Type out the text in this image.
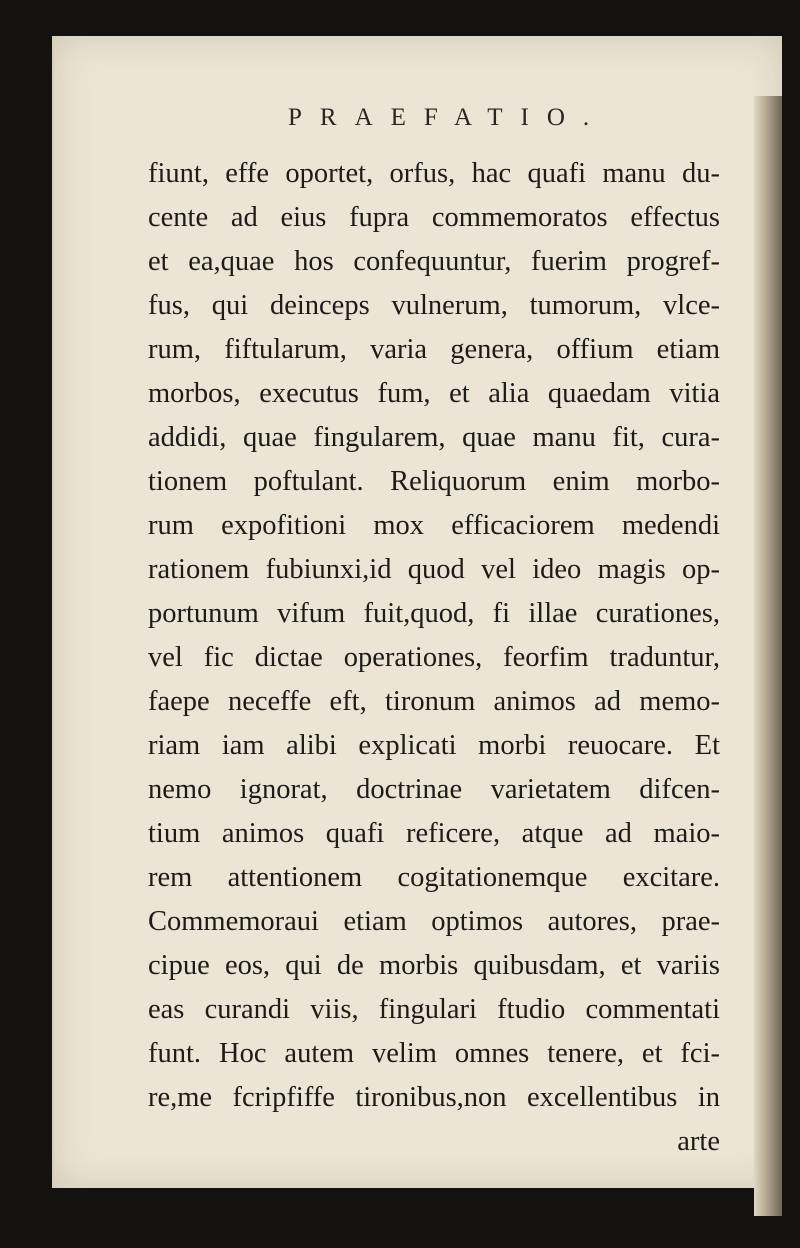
PRAEFATIO.
fiunt, effe oportet, orfus, hac quafi manu du-
cente ad eius fupra commemoratos effectus
et ea,quae hos confequuntur, fuerim progref-
fus, qui deinceps vulnerum, tumorum, vlce-
rum, fiftularum, varia genera, offium etiam
morbos, executus fum, et alia quaedam vitia
addidi, quae fingularem, quae manu fit, cura-
tionem poftulant. Reliquorum enim morbo-
rum expofitioni mox efficaciorem medendi
rationem fubiunxi,id quod vel ideo magis op-
portunum vifum fuit,quod, fi illae curationes,
vel fic dictae operationes, feorfim traduntur,
faepe neceffe eft, tironum animos ad memo-
riam iam alibi explicati morbi reuocare. Et
nemo ignorat, doctrinae varietatem difcen-
tium animos quafi reficere, atque ad maio-
rem attentionem cogitationemque excitare.
Commemoraui etiam optimos autores, prae-
cipue eos, qui de morbis quibusdam, et variis
eas curandi viis, fingulari ftudio commentati
funt. Hoc autem velim omnes tenere, et fci-
re,me fcripfiffe tironibus,non excellentibus in
arte
